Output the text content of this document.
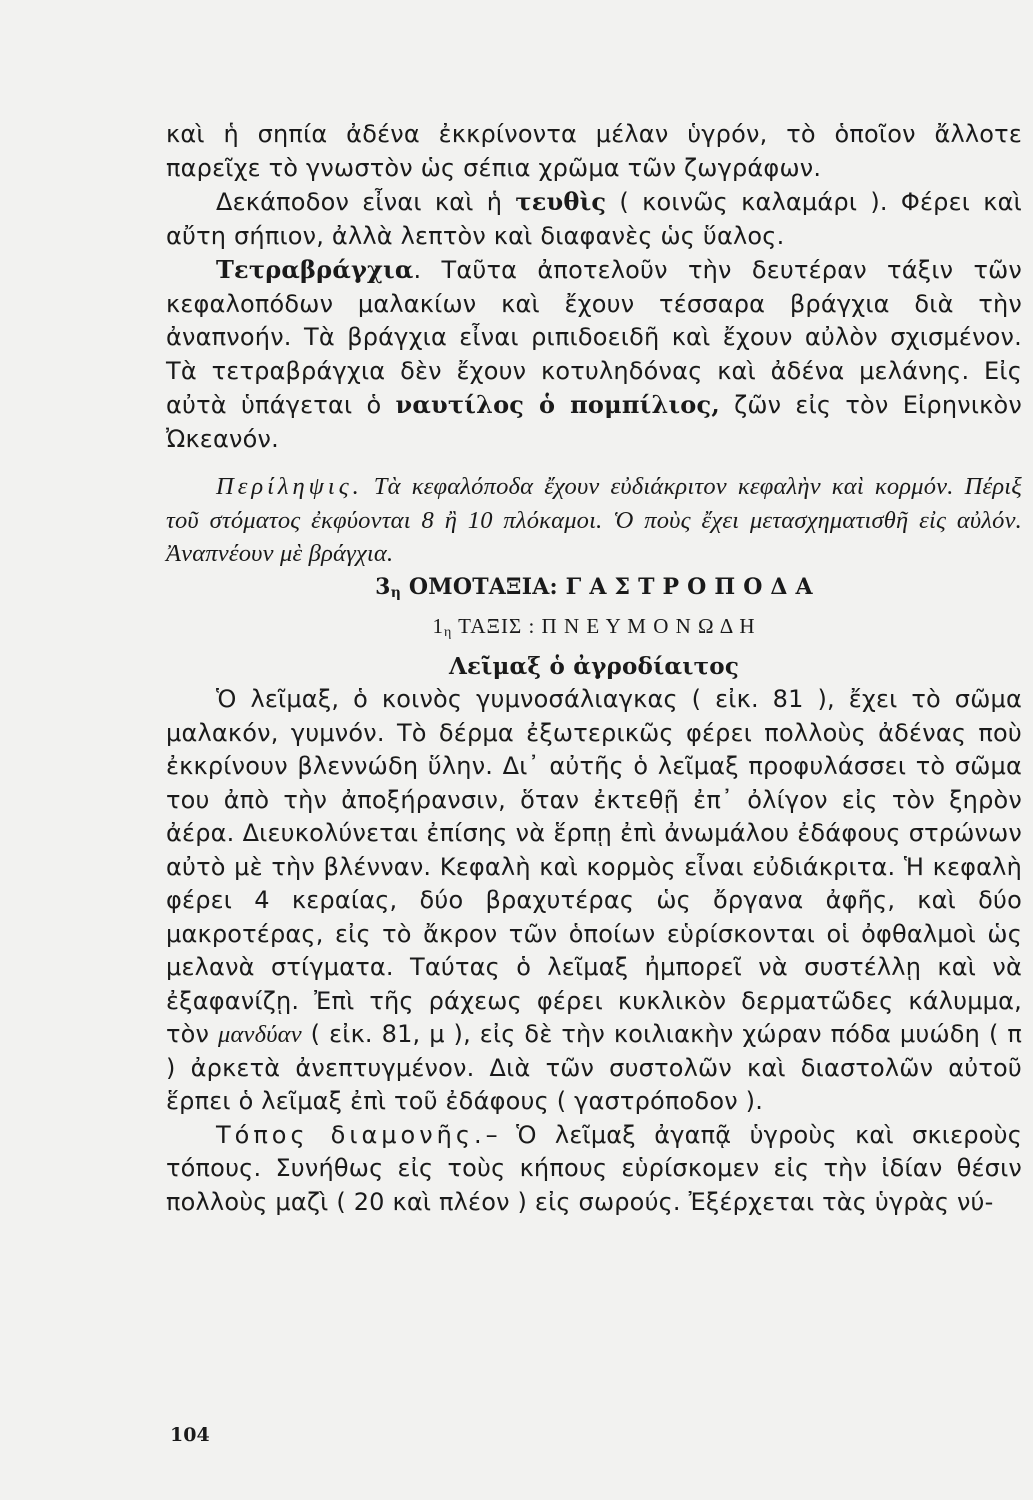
καὶ ἡ σηπία ἀδένα ἐκκρίνοντα μέλαν ὑγρόν, τὸ ὁποῖον ἄλλοτε παρεῖχε τὸ γνωστὸν ὡς σέπια χρῶμα τῶν ζωγράφων.

Δεκάποδον εἶναι καὶ ἡ τευθὶς ( κοινῶς καλαμάρι ). Φέρει καὶ αὔτη σήπιον, ἀλλὰ λεπτὸν καὶ διαφανὲς ὡς ὕαλος.

Τετραβράγχια. Ταῦτα ἀποτελοῦν τὴν δευτέραν τάξιν τῶν κεφαλοπόδων μαλακίων καὶ ἔχουν τέσσαρα βράγχια διὰ τὴν ἀναπνοήν. Τὰ βράγχια εἶναι ριπιδοειδῆ καὶ ἔχουν αὐλὸν σχισμένον. Τὰ τετραβράγχια δὲν ἔχουν κοτυληδόνας καὶ ἀδένα μελάνης. Εἰς αὐτὰ ὑπάγεται ὁ ναυτίλος ὁ πομπίλιος, ζῶν εἰς τὸν Εἰρηνικὸν Ὠκεανόν.

Περίληψις. Τὰ κεφαλόποδα ἔχουν εὐδιάκριτον κεφαλὴν καὶ κορμόν. Πέριξ τοῦ στόματος ἐκφύονται 8 ἢ 10 πλόκαμοι. Ὁ ποὺς ἔχει μετασχηματισθῆ εἰς αὐλόν. Ἀναπνέουν μὲ βράγχια.

$3_\eta$ ΟΜΟΤΑΞΙΑ: Γ Α Σ Τ Ρ Ο Π Ο Δ Α

$1_\eta$ ΤΑΞΙΣ : Π Ν Ε Υ Μ Ο Ν Ω Δ Η

Λεῖμαξ ὁ ἀγροδίαιτος

Ὁ λεῖμαξ, ὁ κοινὸς γυμνοσάλιαγκας ( εἰκ. 81 ), ἔχει τὸ σῶμα μαλακόν, γυμνόν. Τὸ δέρμα ἐξωτερικῶς φέρει πολλοὺς ἀδένας ποὺ ἐκκρίνουν βλεννώδη ὕλην. Δι᾽ αὐτῆς ὁ λεῖμαξ προφυλάσσει τὸ σῶμα του ἀπὸ τὴν ἀποξήρανσιν, ὅταν ἐκτεθῇ ἐπ᾽ ὀλίγον εἰς τὸν ξηρὸν ἀέρα. Διευκολύνεται ἐπίσης νὰ ἕρπῃ ἐπὶ ἀνωμάλου ἐδάφους στρώνων αὐτὸ μὲ τὴν βλένναν. Κεφαλὴ καὶ κορμὸς εἶναι εὐδιάκριτα. Ἡ κεφαλὴ φέρει 4 κεραίας, δύο βραχυτέρας ὡς ὄργανα ἀφῆς, καὶ δύο μακροτέρας, εἰς τὸ ἄκρον τῶν ὁποίων εὑρίσκονται οἱ ὀφθαλμοὶ ὡς μελανὰ στίγματα. Ταύτας ὁ λεῖμαξ ἠμπορεῖ νὰ συστέλλῃ καὶ νὰ ἐξαφανίζῃ. Ἐπὶ τῆς ράχεως φέρει κυκλικὸν δερματῶδες κάλυμμα, τὸν μανδύαν ( εἰκ. 81, μ ), εἰς δὲ τὴν κοιλιακὴν χώραν πόδα μυώδη ( π ) ἀρκετὰ ἀνεπτυγμένον. Διὰ τῶν συστολῶν καὶ διαστολῶν αὐτοῦ ἕρπει ὁ λεῖμαξ ἐπὶ τοῦ ἐδάφους ( γαστρόποδον ).

Τόπος διαμονῆς.– Ὁ λεῖμαξ ἀγαπᾷ ὑγροὺς καὶ σκιεροὺς τόπους. Συνήθως εἰς τοὺς κήπους εὑρίσκομεν εἰς τὴν ἰδίαν θέσιν πολλοὺς μαζὶ ( 20 καὶ πλέον ) εἰς σωρούς. Ἐξέρχεται τὰς ὑγρὰς νύ-

104
